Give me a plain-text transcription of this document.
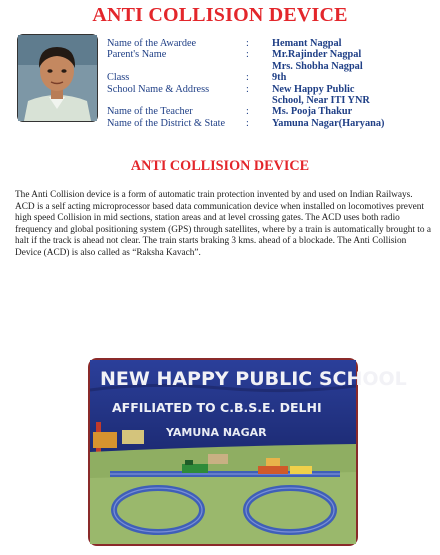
ANTI COLLISION DEVICE
Name of the Awardee	: Hemant Nagpal
Parent's Name	: Mr.Rajinder Nagpal
Mrs. Shobha Nagpal
Class	: 9th
School Name & Address	: New Happy Public
School, Near ITI YNR
Name of the Teacher	: Ms. Pooja Thakur
Name of the District & State : Yamuna Nagar(Haryana)
ANTI COLLISION DEVICE

The Anti Collision device is a form of automatic train protection invented by and used on Indian Railways. ACD is a self acting microprocessor based data communication device when installed on locomotives prevent high speed Collision in mid sections, station areas and at level crossing gates. The ACD uses both radio frequency and global positioning system (GPS) through satellites, where by a train is automatically brought to a halt if the track is ahead not clear. The train starts braking 3 kms. ahead of a blockade. The Anti Collision Device (ACD) is also called as “Raksha Kavach”.

NEW HAPPY PUBLIC SCHOOL
AFFILIATED TO C.B.S.E. DELHI
YAMUNA NAGAR
